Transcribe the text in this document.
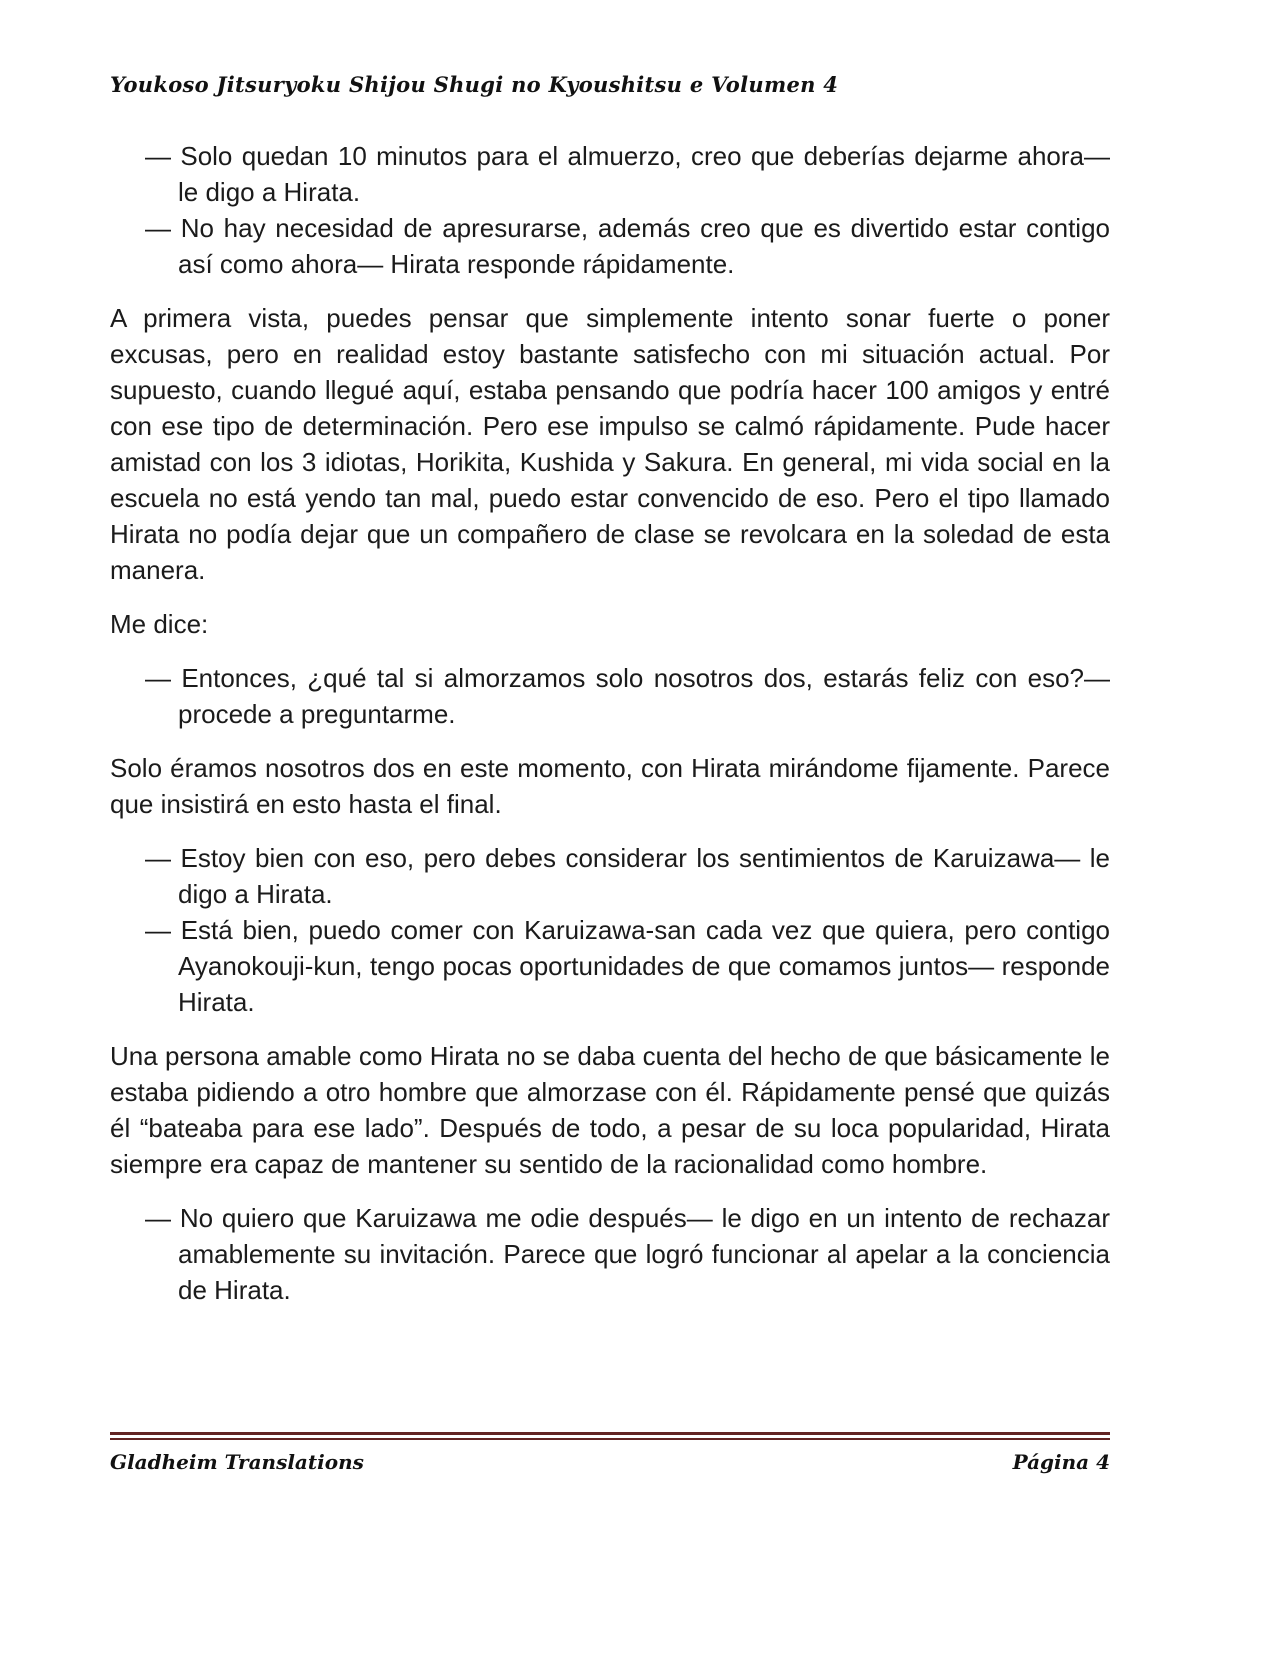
Youkoso Jitsuryoku Shijou Shugi no Kyoushitsu e Volumen 4

— Solo quedan 10 minutos para el almuerzo, creo que deberías dejarme ahora— le digo a Hirata.

— No hay necesidad de apresurarse, además creo que es divertido estar contigo así como ahora— Hirata responde rápidamente.

A primera vista, puedes pensar que simplemente intento sonar fuerte o poner excusas, pero en realidad estoy bastante satisfecho con mi situación actual. Por supuesto, cuando llegué aquí, estaba pensando que podría hacer 100 amigos y entré con ese tipo de determinación. Pero ese impulso se calmó rápidamente. Pude hacer amistad con los 3 idiotas, Horikita, Kushida y Sakura. En general, mi vida social en la escuela no está yendo tan mal, puedo estar convencido de eso. Pero el tipo llamado Hirata no podía dejar que un compañero de clase se revolcara en la soledad de esta manera.

Me dice:

— Entonces, ¿qué tal si almorzamos solo nosotros dos, estarás feliz con eso?— procede a preguntarme.

Solo éramos nosotros dos en este momento, con Hirata mirándome fijamente. Parece que insistirá en esto hasta el final.

— Estoy bien con eso, pero debes considerar los sentimientos de Karuizawa— le digo a Hirata.

— Está bien, puedo comer con Karuizawa-san cada vez que quiera, pero contigo Ayanokouji-kun, tengo pocas oportunidades de que comamos juntos— responde Hirata.

Una persona amable como Hirata no se daba cuenta del hecho de que básicamente le estaba pidiendo a otro hombre que almorzase con él. Rápidamente pensé que quizás él “bateaba para ese lado”. Después de todo, a pesar de su loca popularidad, Hirata siempre era capaz de mantener su sentido de la racionalidad como hombre.

— No quiero que Karuizawa me odie después— le digo en un intento de rechazar amablemente su invitación. Parece que logró funcionar al apelar a la conciencia de Hirata.

Gladheim Translations	Página 4
